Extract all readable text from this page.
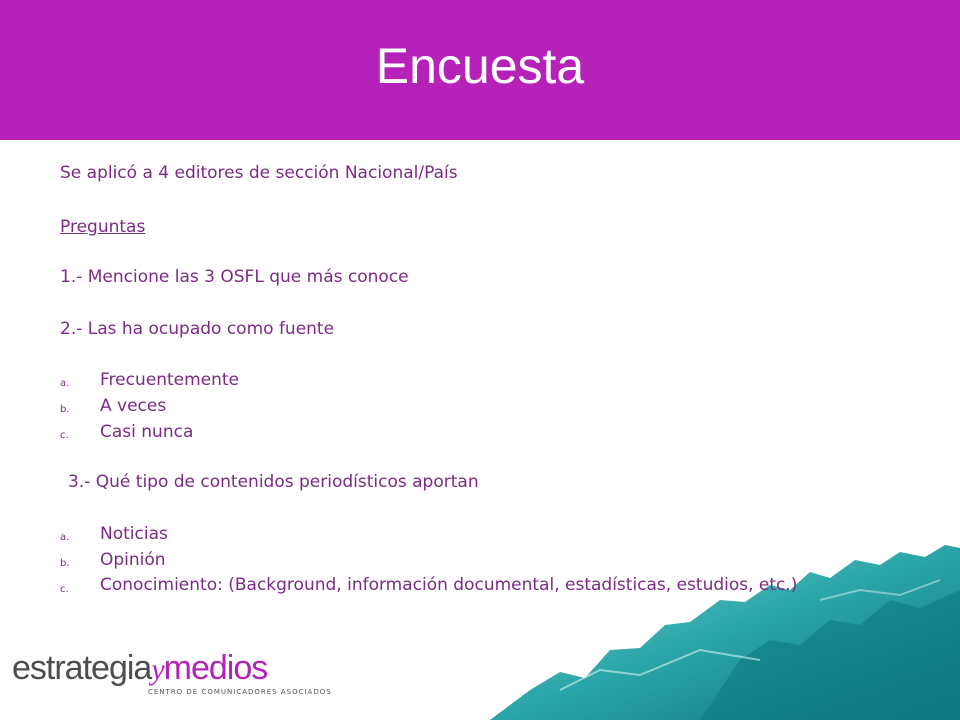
Encuesta
Se aplicó a 4 editores de sección Nacional/País
Preguntas
1.- Mencione las 3 OSFL que más conoce
2.- Las ha ocupado como fuente
a. Frecuentemente
b. A veces
c. Casi nunca
3.- Qué tipo de contenidos periodísticos aportan
a. Noticias
b. Opinión
c. Conocimiento: (Background, información documental, estadísticas, estudios, etc.)
estrategiaymedios
CENTRO DE COMUNICADORES ASOCIADOS
